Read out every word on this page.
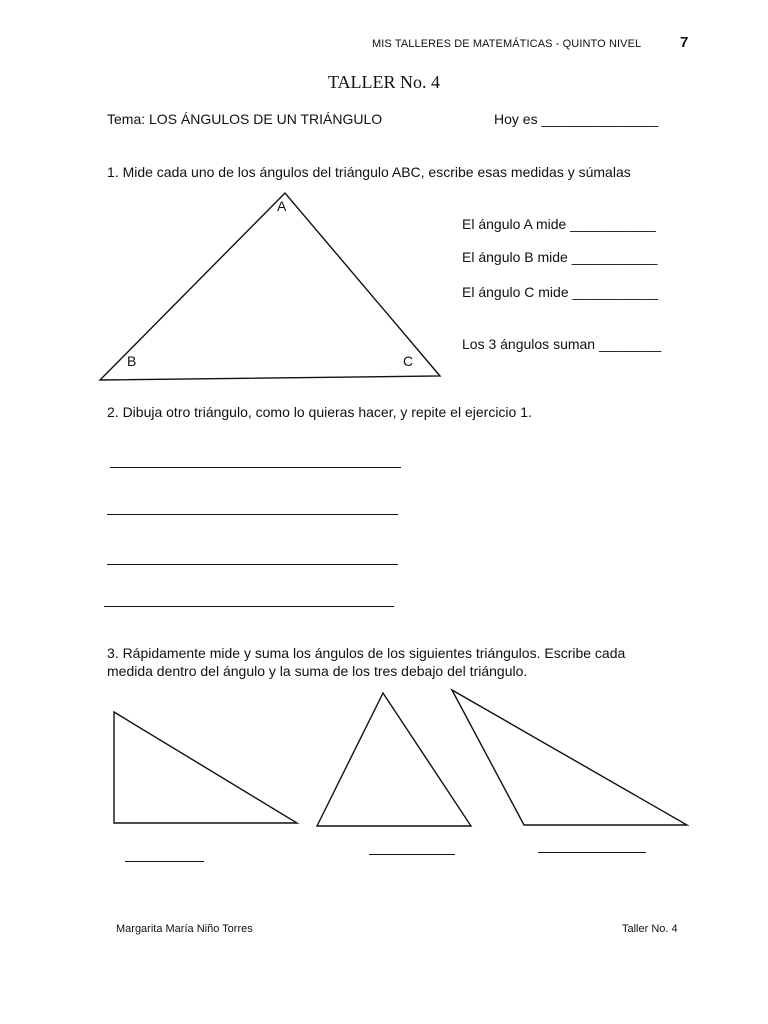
MIS TALLERES DE MATEMÁTICAS - QUINTO NIVEL	7
TALLER No. 4
Tema: LOS ÁNGULOS DE UN TRIÁNGULO	Hoy es _______________
1. Mide cada uno de los ángulos del triángulo ABC, escribe esas medidas y súmalas
A
B	C
El ángulo A mide ___________
El ángulo B mide ___________
El ángulo C mide ___________
Los 3 ángulos suman ________
2. Dibuja otro triángulo, como lo quieras hacer, y repite el ejercicio 1.
3. Rápidamente mide y suma los ángulos de los siguientes triángulos. Escribe cada
medida dentro del ángulo y la suma de los tres debajo del triángulo.
Margarita María Niño Torres	Taller No. 4
